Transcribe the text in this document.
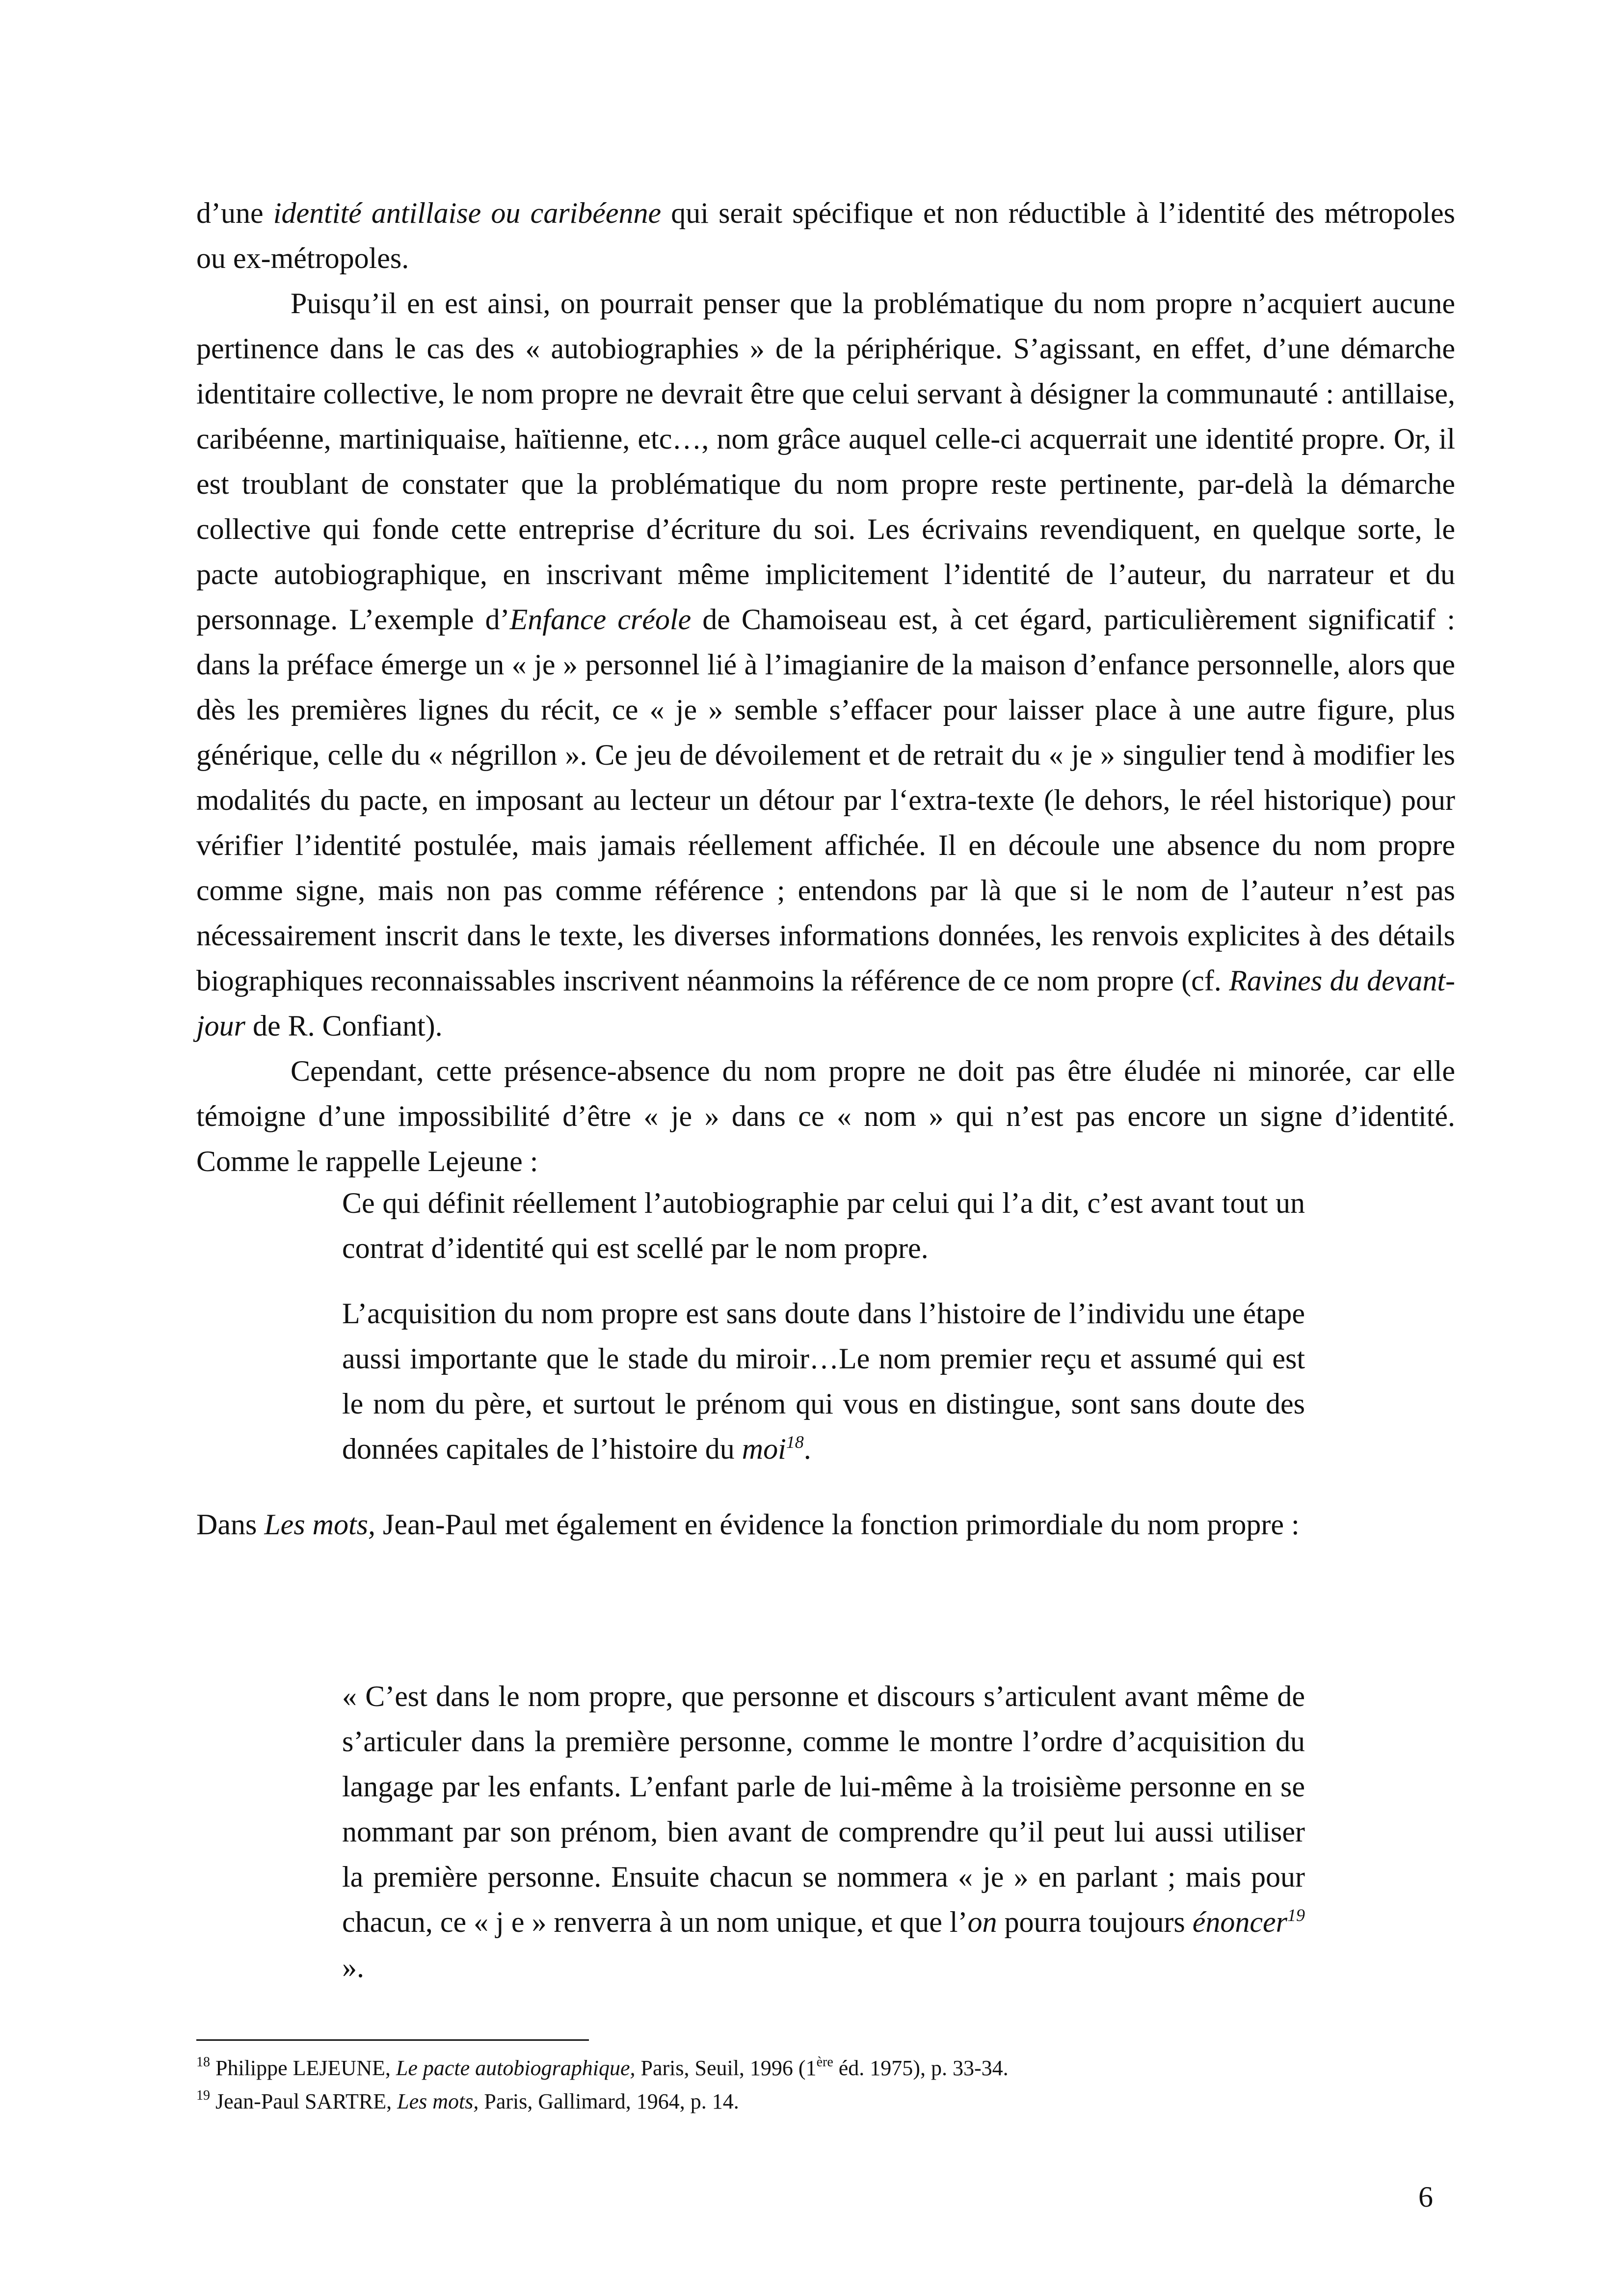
d’une identité antillaise ou caribéenne qui serait spécifique et non réductible à l’identité des métropoles ou ex-métropoles.

Puisqu’il en est ainsi, on pourrait penser que la problématique du nom propre n’acquiert aucune pertinence dans le cas des « autobiographies » de la périphérique. S’agissant, en effet, d’une démarche identitaire collective, le nom propre ne devrait être que celui servant à désigner la communauté : antillaise, caribéenne, martiniquaise, haïtienne, etc…, nom grâce auquel celle-ci acquerrait une identité propre. Or, il est troublant de constater que la problématique du nom propre reste pertinente, par-delà la démarche collective qui fonde cette entreprise d’écriture du soi. Les écrivains revendiquent, en quelque sorte, le pacte autobiographique, en inscrivant même implicitement l’identité de l’auteur, du narrateur et du personnage. L’exemple d’Enfance créole de Chamoiseau est, à cet égard, particulièrement significatif : dans la préface émerge un « je » personnel lié à l’imagianire de la maison d’enfance personnelle, alors que dès les premières lignes du récit, ce « je » semble s’effacer pour laisser place à une autre figure, plus générique, celle du « négrillon ». Ce jeu de dévoilement et de retrait du « je » singulier tend à modifier les modalités du pacte, en imposant au lecteur un détour par l‘extra-texte (le dehors, le réel historique) pour vérifier l’identité postulée, mais jamais réellement affichée. Il en découle une absence du nom propre comme signe, mais non pas comme référence ; entendons par là que si le nom de l’auteur n’est pas nécessairement inscrit dans le texte, les diverses informations données, les renvois explicites à des détails biographiques reconnaissables inscrivent néanmoins la référence de ce nom propre (cf. Ravines du devant-jour de R. Confiant).

Cependant, cette présence-absence du nom propre ne doit pas être éludée ni minorée, car elle témoigne d’une impossibilité d’être « je » dans ce « nom » qui n’est pas encore un signe d’identité. Comme le rappelle Lejeune :

Ce qui définit réellement l’autobiographie par celui qui l’a dit, c’est avant tout un contrat d’identité qui est scellé par le nom propre.

L’acquisition du nom propre est sans doute dans l’histoire de l’individu une étape aussi importante que le stade du miroir…Le nom premier reçu et assumé qui est le nom du père, et surtout le prénom qui vous en distingue, sont sans doute des données capitales de l’histoire du moi$^{18}$.

Dans Les mots, Jean-Paul met également en évidence la fonction primordiale du nom propre :

« C’est dans le nom propre, que personne et discours s’articulent avant même de s’articuler dans la première personne, comme le montre l’ordre d’acquisition du langage par les enfants. L’enfant parle de lui-même à la troisième personne en se nommant par son prénom, bien avant de comprendre qu’il peut lui aussi utiliser la première personne. Ensuite chacun se nommera « je » en parlant ; mais pour chacun, ce « j e » renverra à un nom unique, et que l’on pourra toujours énoncer$^{19}$ ».

$^{18}$ Philippe LEJEUNE, Le pacte autobiographique, Paris, Seuil, 1996 (1ère éd. 1975), p. 33-34.
$^{19}$ Jean-Paul SARTRE, Les mots, Paris, Gallimard, 1964, p. 14.
6
